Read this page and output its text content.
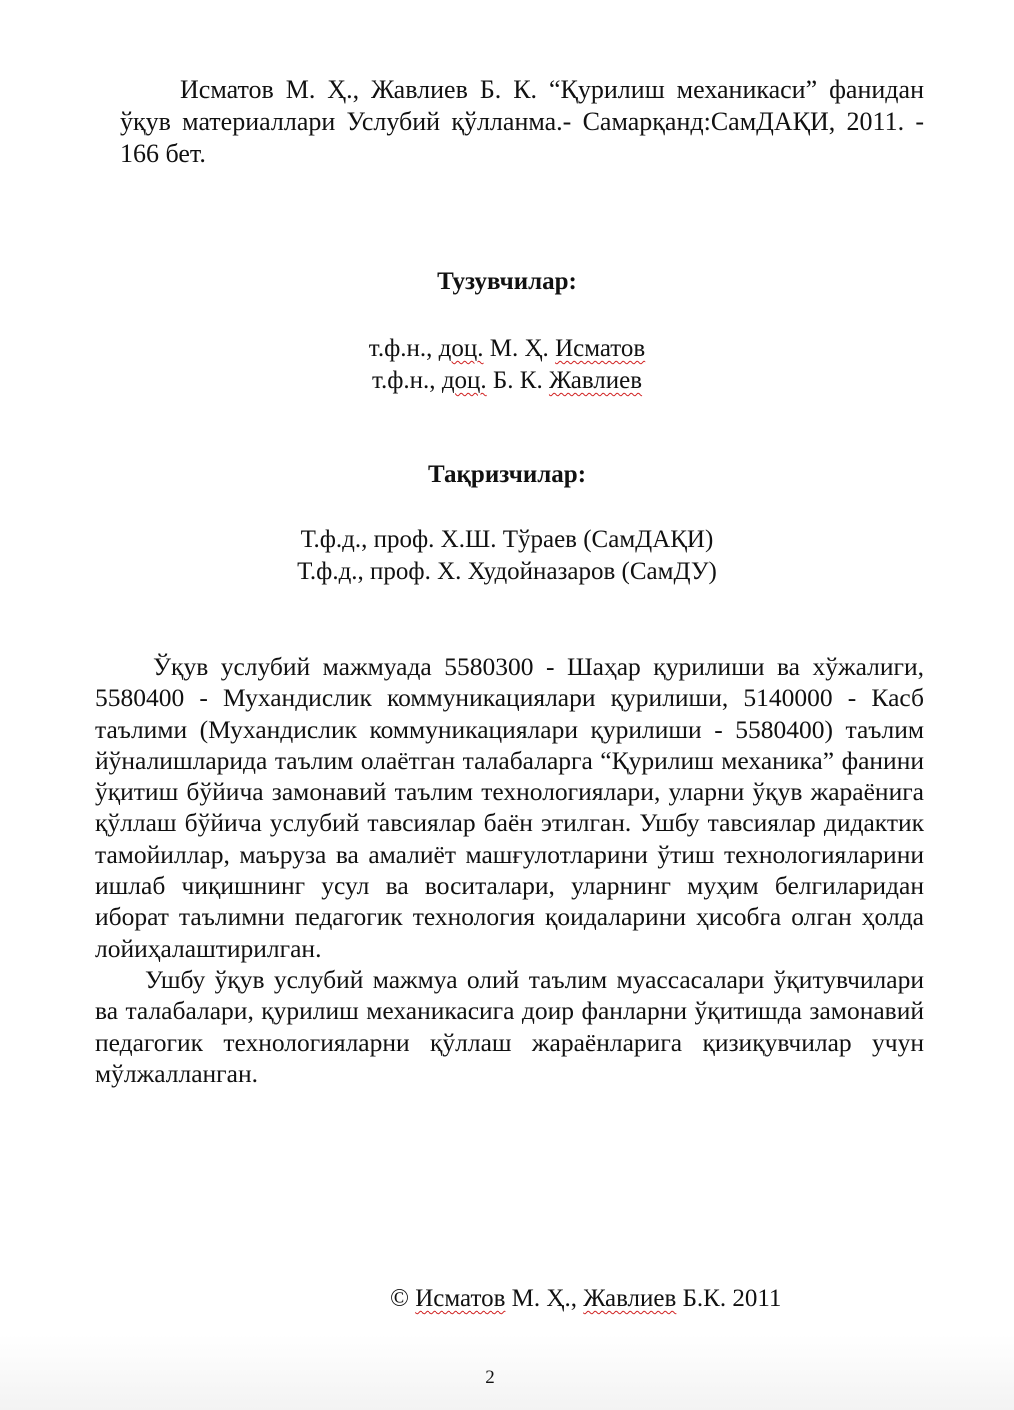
Исматов М. Ҳ., Жавлиев Б. К. “Қурилиш механикаси” фанидан ўқув материаллари Услубий қўлланма.- Самарқанд:СамДАҚИ, 2011. - 166 бет.
Тузувчилар:
т.ф.н., доц. М. Ҳ. Исматов
т.ф.н., доц. Б. К. Жавлиев
Тақризчилар:
Т.ф.д., проф. Х.Ш. Тўраев (СамДАҚИ)
Т.ф.д., проф. Х. Худойназаров (СамДУ)

Ўқув услубий мажмуада 5580300 - Шаҳар қурилиши ва хўжалиги, 5580400 - Мухандислик коммуникациялари қурилиши, 5140000 - Касб таълими (Мухандислик коммуникациялари қурилиши - 5580400) таълим йўналишларида таълим олаётган талабаларга “Қурилиш механика” фанини ўқитиш бўйича замонавий таълим технологиялари, уларни ўқув жараёнига қўллаш бўйича услубий тавсиялар баён этилган. Ушбу тавсиялар дидактик тамойиллар, маъруза ва амалиёт машғулотларини ўтиш технологияларини ишлаб чиқишнинг усул ва воситалари, уларнинг муҳим белгиларидан иборат таълимни педагогик технология қоидаларини ҳисобга олган ҳолда лойиҳалаштирилган.

Ушбу ўқув услубий мажмуа олий таълим муассасалари ўқитувчилари ва талабалари, қурилиш механикасига доир фанларни ўқитишда замонавий педагогик технологияларни қўллаш жараёнларига қизиқувчилар учун мўлжалланган.

© Исматов М. Ҳ., Жавлиев Б.К. 2011
2
